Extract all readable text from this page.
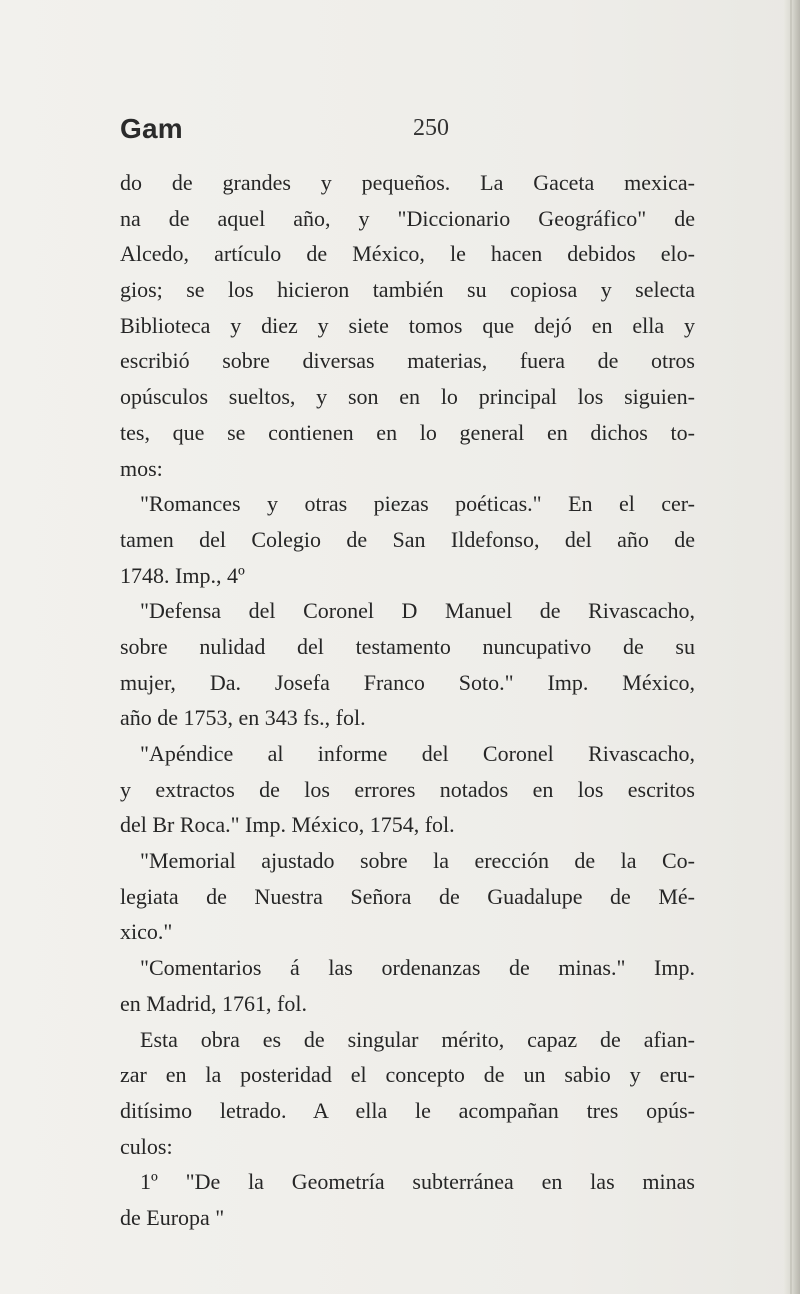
Gam	250
do de grandes y pequeños. La Gaceta mexica-
na de aquel año, y "Diccionario Geográfico" de
Alcedo, artículo de México, le hacen debidos elo-
gios; se los hicieron también su copiosa y selecta
Biblioteca y diez y siete tomos que dejó en ella y
escribió sobre diversas materias, fuera de otros
opúsculos sueltos, y son en lo principal los siguien-
tes, que se contienen en lo general en dichos to-
mos:
"Romances y otras piezas poéticas." En el cer-
tamen del Colegio de San Ildefonso, del año de
1748. Imp., 4º
"Defensa del Coronel D Manuel de Rivascacho,
sobre nulidad del testamento nuncupativo de su
mujer, Da. Josefa Franco Soto." Imp. México,
año de 1753, en 343 fs., fol.
"Apéndice al informe del Coronel Rivascacho,
y extractos de los errores notados en los escritos
del Br Roca." Imp. México, 1754, fol.
"Memorial ajustado sobre la erección de la Co-
legiata de Nuestra Señora de Guadalupe de Mé-
xico."
"Comentarios á las ordenanzas de minas." Imp.
en Madrid, 1761, fol.
Esta obra es de singular mérito, capaz de afian-
zar en la posteridad el concepto de un sabio y eru-
ditísimo letrado. A ella le acompañan tres opús-
culos:
1º "De la Geometría subterránea en las minas
de Europa "
